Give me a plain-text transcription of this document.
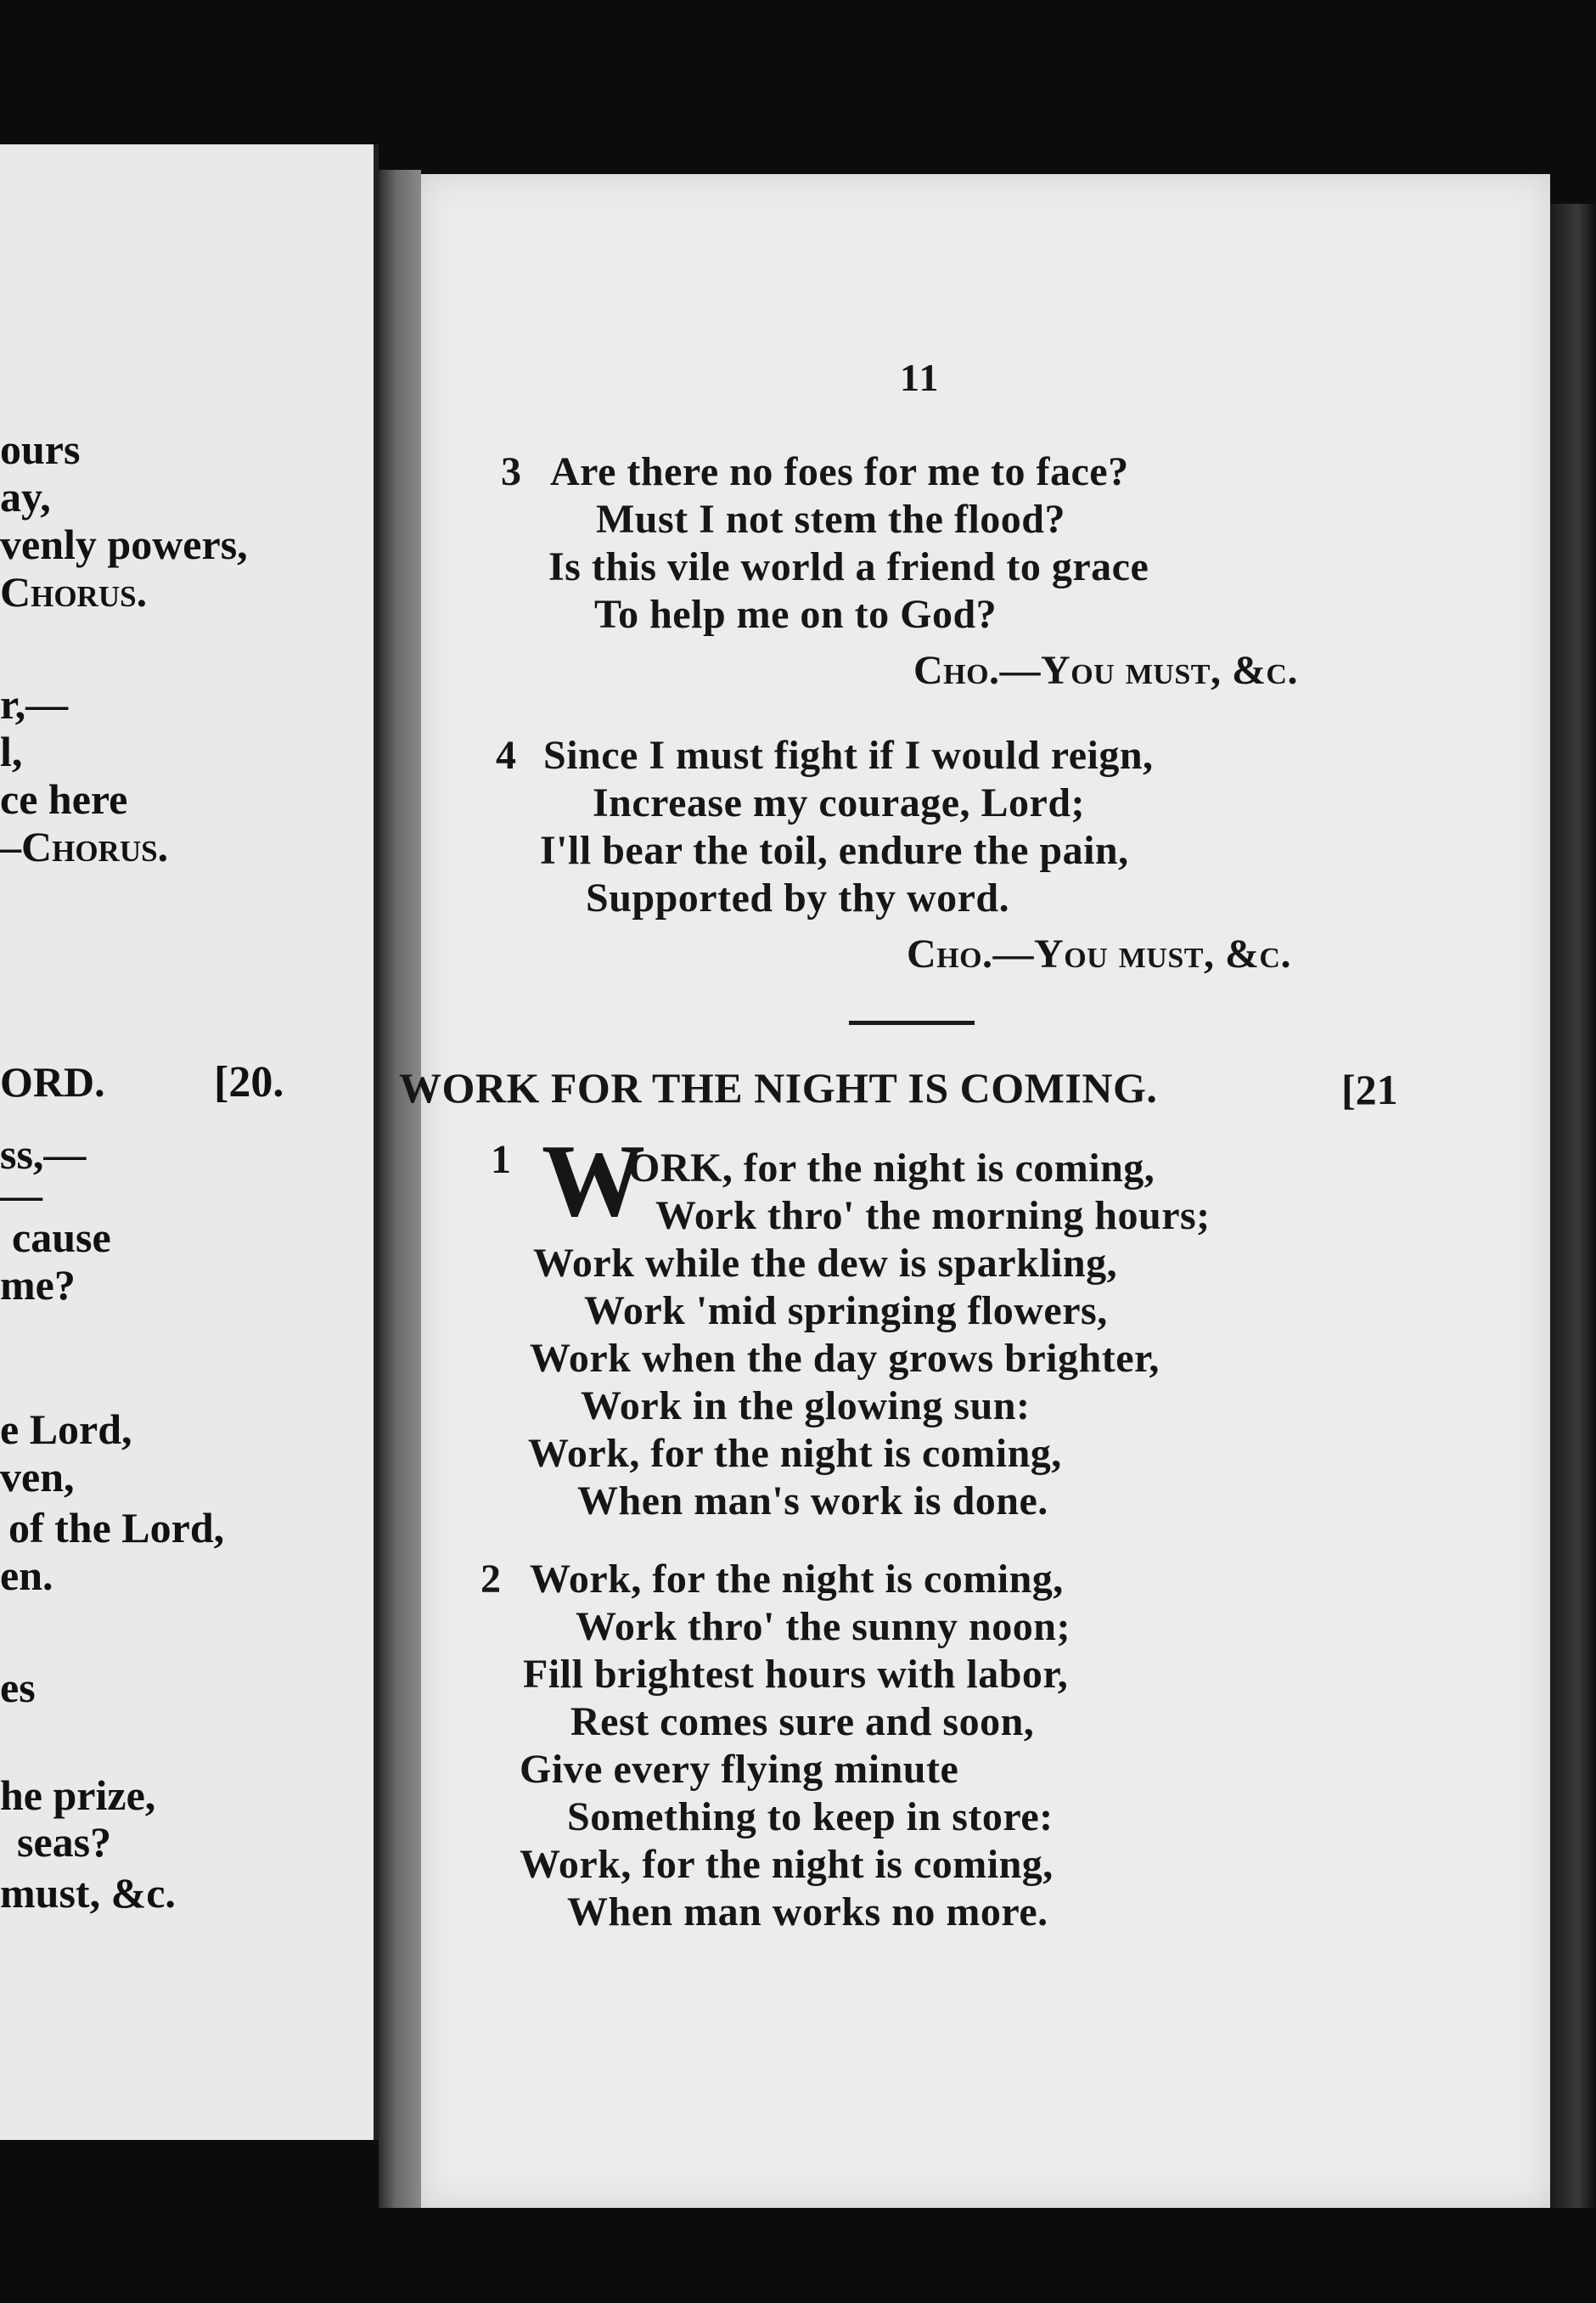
ours
ay,
venly powers,
Chorus.
r,—
l,
ce here
–Chorus.
ORD. [20.
ss,—
—
cause
me?
e Lord,
ven,
of the Lord,
en.
es
he prize,
seas?
must, &c.
11
3 Are there no foes for me to face?
Must I not stem the flood?
Is this vile world a friend to grace
To help me on to God?
Cho.—You must, &c.
4 Since I must fight if I would reign,
Increase my courage, Lord;
I'll bear the toil, endure the pain,
Supported by thy word.
Cho.—You must, &c.
WORK FOR THE NIGHT IS COMING.	[21
1 W
ORK, for the night is coming,
Work thro' the morning hours;
Work while the dew is sparkling,
Work 'mid springing flowers,
Work when the day grows brighter,
Work in the glowing sun:
Work, for the night is coming,
When man's work is done.
2 Work, for the night is coming,
Work thro' the sunny noon;
Fill brightest hours with labor,
Rest comes sure and soon,
Give every flying minute
Something to keep in store:
Work, for the night is coming,
When man works no more.
